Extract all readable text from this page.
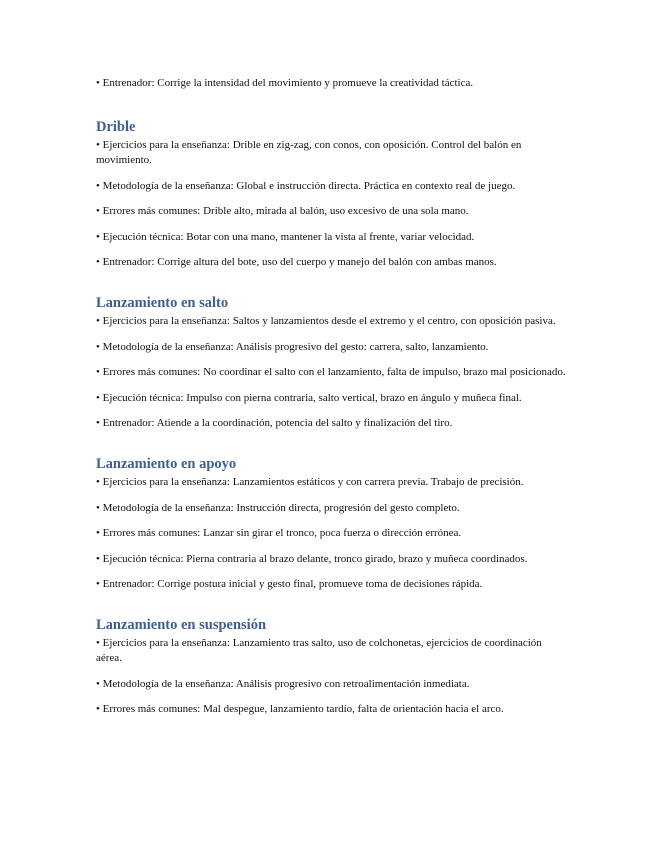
• Entrenador: Corrige la intensidad del movimiento y promueve la creatividad táctica.

Drible

• Ejercicios para la enseñanza: Drible en zig-zag, con conos, con oposición. Control del balón en movimiento.

• Metodología de la enseñanza: Global e instrucción directa. Práctica en contexto real de juego.

• Errores más comunes: Drible alto, mirada al balón, uso excesivo de una sola mano.

• Ejecución técnica: Botar con una mano, mantener la vista al frente, variar velocidad.

• Entrenador: Corrige altura del bote, uso del cuerpo y manejo del balón con ambas manos.

Lanzamiento en salto

• Ejercicios para la enseñanza: Saltos y lanzamientos desde el extremo y el centro, con oposición pasiva.

• Metodología de la enseñanza: Análisis progresivo del gesto: carrera, salto, lanzamiento.

• Errores más comunes: No coordinar el salto con el lanzamiento, falta de impulso, brazo mal posicionado.

• Ejecución técnica: Impulso con pierna contraria, salto vertical, brazo en ángulo y muñeca final.

• Entrenador: Atiende a la coordinación, potencia del salto y finalización del tiro.

Lanzamiento en apoyo

• Ejercicios para la enseñanza: Lanzamientos estáticos y con carrera previa. Trabajo de precisión.

• Metodología de la enseñanza: Instrucción directa, progresión del gesto completo.

• Errores más comunes: Lanzar sin girar el tronco, poca fuerza o dirección errónea.

• Ejecución técnica: Pierna contraria al brazo delante, tronco girado, brazo y muñeca coordinados.

• Entrenador: Corrige postura inicial y gesto final, promueve toma de decisiones rápida.

Lanzamiento en suspensión

• Ejercicios para la enseñanza: Lanzamiento tras salto, uso de colchonetas, ejercicios de coordinación aérea.

• Metodología de la enseñanza: Análisis progresivo con retroalimentación inmediata.

• Errores más comunes: Mal despegue, lanzamiento tardío, falta de orientación hacia el arco.
